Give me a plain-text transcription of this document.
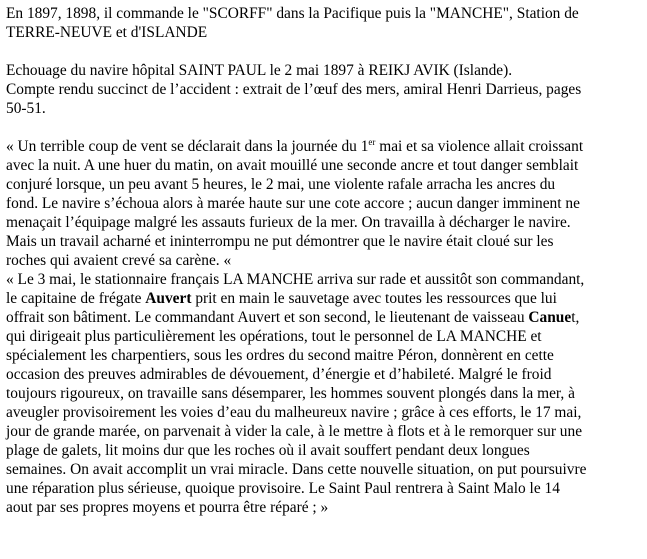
En 1897, 1898, il commande le "SCORFF" dans la Pacifique puis la "MANCHE", Station de
TERRE-NEUVE et d'ISLANDE

Echouage du navire hôpital SAINT PAUL le 2 mai 1897 à REIKJ AVIK (Islande).
Compte rendu succinct de l’accident : extrait de l’œuf des mers, amiral Henri Darrieus, pages
50-51.

« Un terrible coup de vent se déclarait dans la journée du 1er mai et sa violence allait croissant
avec la nuit. A une huer du matin, on avait mouillé une seconde ancre et tout danger semblait
conjuré lorsque, un peu avant 5 heures, le 2 mai, une violente rafale arracha les ancres du
fond. Le navire s’échoua alors à marée haute sur une cote accore ; aucun danger imminent ne
menaçait l’équipage malgré les assauts furieux de la mer. On travailla à décharger le navire.
Mais un travail acharné et ininterrompu ne put démontrer que le navire était cloué sur les
roches qui avaient crevé sa carène. «

« Le 3 mai, le stationnaire français LA MANCHE arriva sur rade et aussitôt son commandant,
le capitaine de frégate Auvert prit en main le sauvetage avec toutes les ressources que lui
offrait son bâtiment. Le commandant Auvert et son second, le lieutenant de vaisseau Canuet,
qui dirigeait plus particulièrement les opérations, tout le personnel de LA MANCHE et
spécialement les charpentiers, sous les ordres du second maitre Péron, donnèrent en cette
occasion des preuves admirables de dévouement, d’énergie et d’habileté. Malgré le froid
toujours rigoureux, on travaille sans désemparer, les hommes souvent plongés dans la mer, à
aveugler provisoirement les voies d’eau du malheureux navire ; grâce à ces efforts, le 17 mai,
jour de grande marée, on parvenait à vider la cale, à le mettre à flots et à le remorquer sur une
plage de galets, lit moins dur que les roches où il avait souffert pendant deux longues
semaines. On avait accomplit un vrai miracle. Dans cette nouvelle situation, on put poursuivre
une réparation plus sérieuse, quoique provisoire. Le Saint Paul rentrera à Saint Malo le 14
aout par ses propres moyens et pourra être réparé ; »
